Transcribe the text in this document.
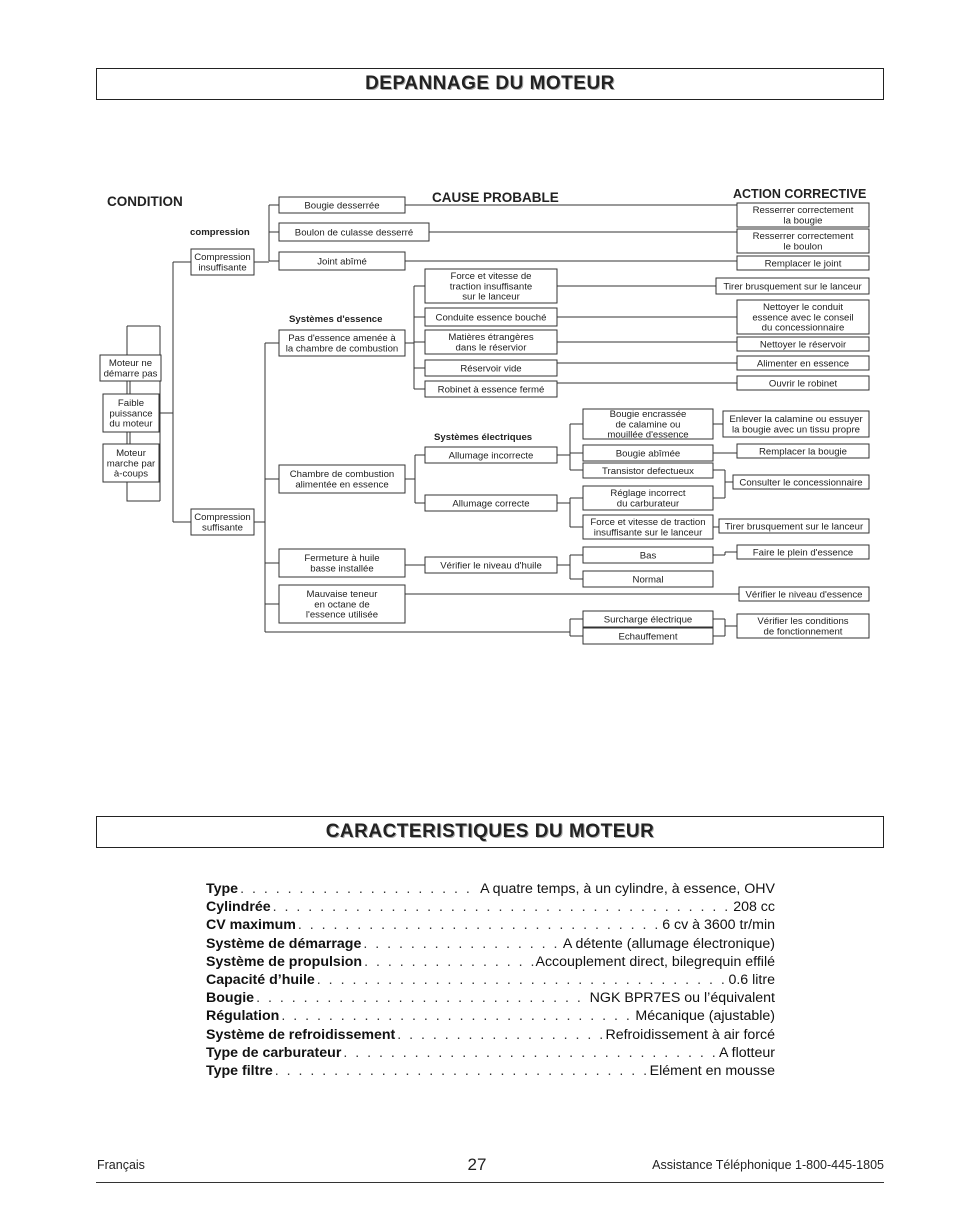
DEPANNAGE DU MOTEUR
Moteur ne
démarre pas
Faible
puissance
du moteur
Moteur
marche par
à-coups
Compression
insuffisante
Compression
suffisante
Bougie desserrée
Boulon de culasse desserré
Joint abîmé
Pas d'essence amenée à
la chambre de combustion
Force et vitesse de
traction insuffisante
sur le lanceur
Conduite essence bouché
Matières étrangères
dans le réservior
Réservoir vide
Robinet à essence fermé
Chambre de combustion
alimentée en essence
Allumage incorrecte
Allumage correcte
Bougie encrassée
de calamine ou
mouillée d'essence
Bougie abîmée
Transistor defectueux
Réglage incorrect
du carburateur
Force et vitesse de traction
insuffisante sur le lanceur
Fermeture à huile
basse installée	Vérifier le niveau d'huile
Bas
Normal
Mauvaise teneur
en octane de
l'essence utilisée	Surcharge électrique
Echauffement
Resserrer correctement
la bougie
Resserrer correctement
le boulon
Remplacer le joint
Tirer brusquement sur le lanceur
Nettoyer le conduit
essence avec le conseil
du concessionnaire
Nettoyer le réservoir
Alimenter en essence
Ouvrir le robinet
Enlever la calamine ou essuyer
la bougie avec un tissu propre
Remplacer la bougie
Consulter le concessionnaire
Tirer brusquement sur le lanceur
Faire le plein d'essence
Vérifier le niveau d'essence
Vérifier les conditions
de fonctionnement
CONDITION	CAUSE PROBABLE	ACTION CORRECTIVE
compression
Systèmes d'essence
Systèmes électriques
CARACTERISTIQUES DU MOTEUR
Type . . .	A quatre temps, à un cylindre, à essence, OHV
Cylindrée . . .	208 cc
CV maximum . . .	6 cv à 3600 tr/min
Système de démarrage . . .	A détente (allumage électronique)
Système de propulsion . . .	Accouplement direct, bilegrequin effilé
Capacité d’huile . . .	0.6 litre
Bougie . . .	NGK BPR7ES ou l’équivalent
Régulation . . .	Mécanique (ajustable)
Système de refroidissement . . .	Refroidissement à air forcé
Type de carburateur . . .	A flotteur
Type filtre . . .	Elément en mousse
Français	27	Assistance Téléphonique 1-800-445-1805
